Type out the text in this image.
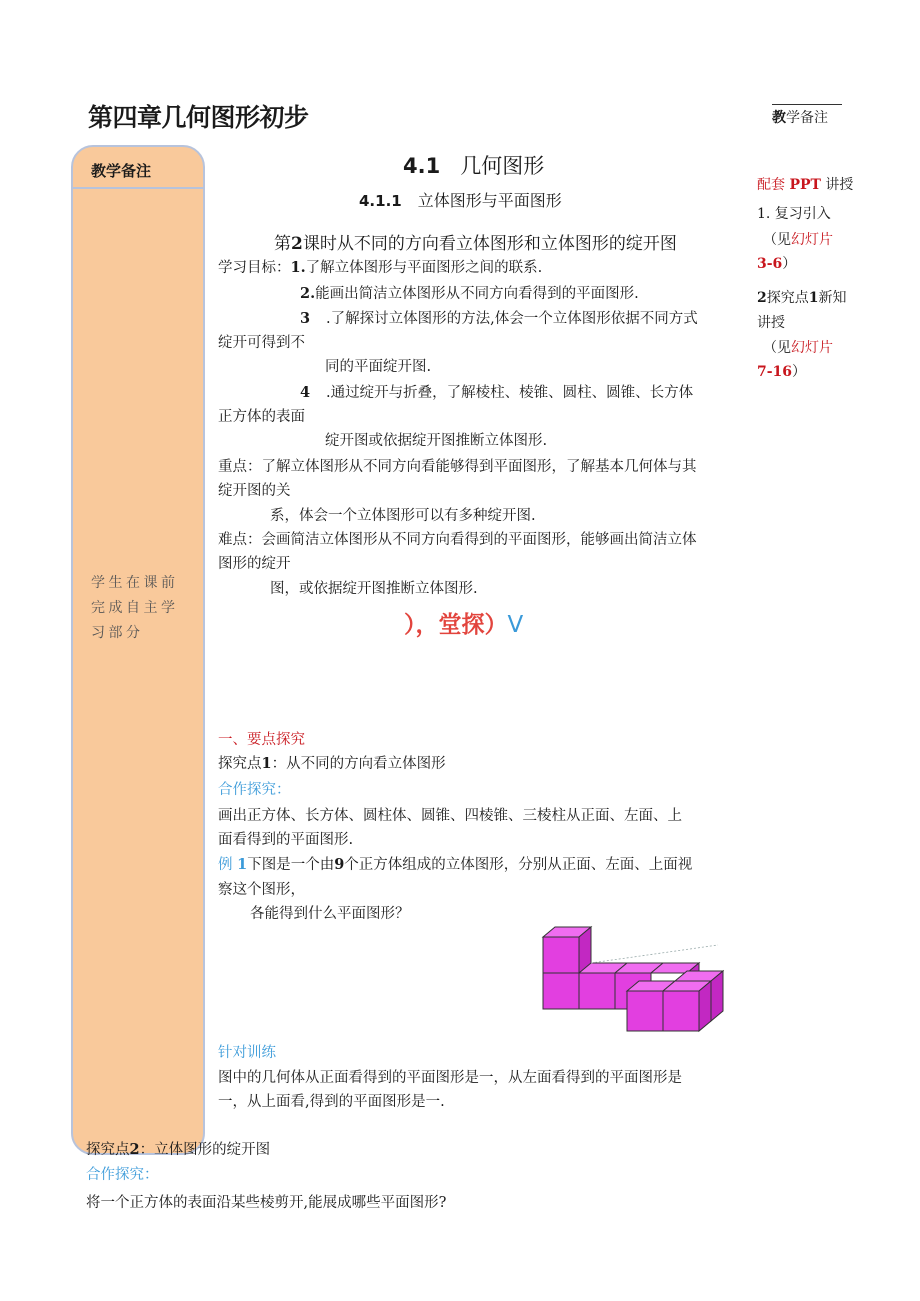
第四章几何图形初步	教学备注
教学备注
学生在课前完成自主学习部分
4.1 几何图形
4.1.1 立体图形与平面图形
第2课时从不同的方向看立体图形和立体图形的绽开图
学习目标：1.了解立体图形与平面图形之间的联系.
2.能画出简洁立体图形从不同方向看得到的平面图形.
3 .了解探讨立体图形的方法,体会一个立体图形依据不同方式
绽开可得到不
同的平面绽开图.
4 .通过绽开与折叠，了解棱柱、棱锥、圆柱、圆锥、长方体
正方体的表面
绽开图或依据绽开图推断立体图形.
重点：了解立体图形从不同方向看能够得到平面图形，了解基本几何体与其
绽开图的关
系，体会一个立体图形可以有多种绽开图.
难点：会画简洁立体图形从不同方向看得到的平面图形，能够画出简洁立体
图形的绽开
图，或依据绽开图推断立体图形.
），堂探）V
一、要点探究
探究点1：从不同的方向看立体图形
合作探究：
画出正方体、长方体、圆柱体、圆锥、四棱锥、三棱柱从正面、左面、上
面看得到的平面图形.
例 1下图是一个由9个正方体组成的立体图形，分别从正面、左面、上面视
察这个图形，
各能得到什么平面图形？
针对训练
图中的几何体从正面看得到的平面图形是一，从左面看得到的平面图形是
一，从上面看,得到的平面图形是一.
探究点2：立体图形的绽开图
合作探究：
将一个正方体的表面沿某些棱剪开,能展成哪些平面图形?
配套 PPT 讲授
1. 复习引入
（见幻灯片
3-6）
2探究点1新知
讲授
（见幻灯片
7-16）
